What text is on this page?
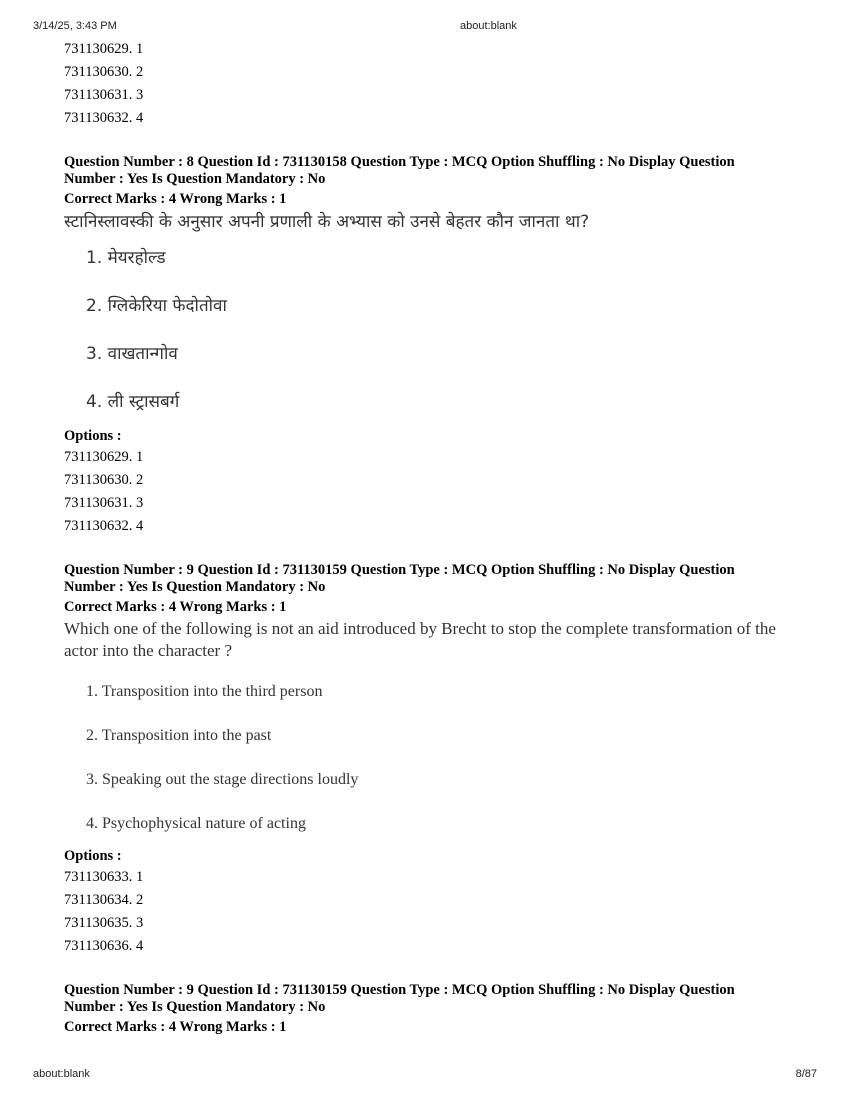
3/14/25, 3:43 PM	about:blank
731130629. 1
731130630. 2
731130631. 3
731130632. 4
Question Number : 8 Question Id : 731130158 Question Type : MCQ Option Shuffling : No Display Question Number : Yes Is Question Mandatory : No
Correct Marks : 4 Wrong Marks : 1
स्टानिस्लावस्की के अनुसार अपनी प्रणाली के अभ्यास को उनसे बेहतर कौन जानता था?
1. मेयरहोल्ड
2. ग्लिकेरिया फेदोतोवा
3. वाखतान्गोव
4. ली स्ट्रासबर्ग
Options :
731130629. 1
731130630. 2
731130631. 3
731130632. 4
Question Number : 9 Question Id : 731130159 Question Type : MCQ Option Shuffling : No Display Question Number : Yes Is Question Mandatory : No
Correct Marks : 4 Wrong Marks : 1
Which one of the following is not an aid introduced by Brecht to stop the complete transformation of the actor into the character ?
1. Transposition into the third person
2. Transposition into the past
3. Speaking out the stage directions loudly
4. Psychophysical nature of acting
Options :
731130633. 1
731130634. 2
731130635. 3
731130636. 4
Question Number : 9 Question Id : 731130159 Question Type : MCQ Option Shuffling : No Display Question Number : Yes Is Question Mandatory : No
Correct Marks : 4 Wrong Marks : 1
about:blank	8/87
